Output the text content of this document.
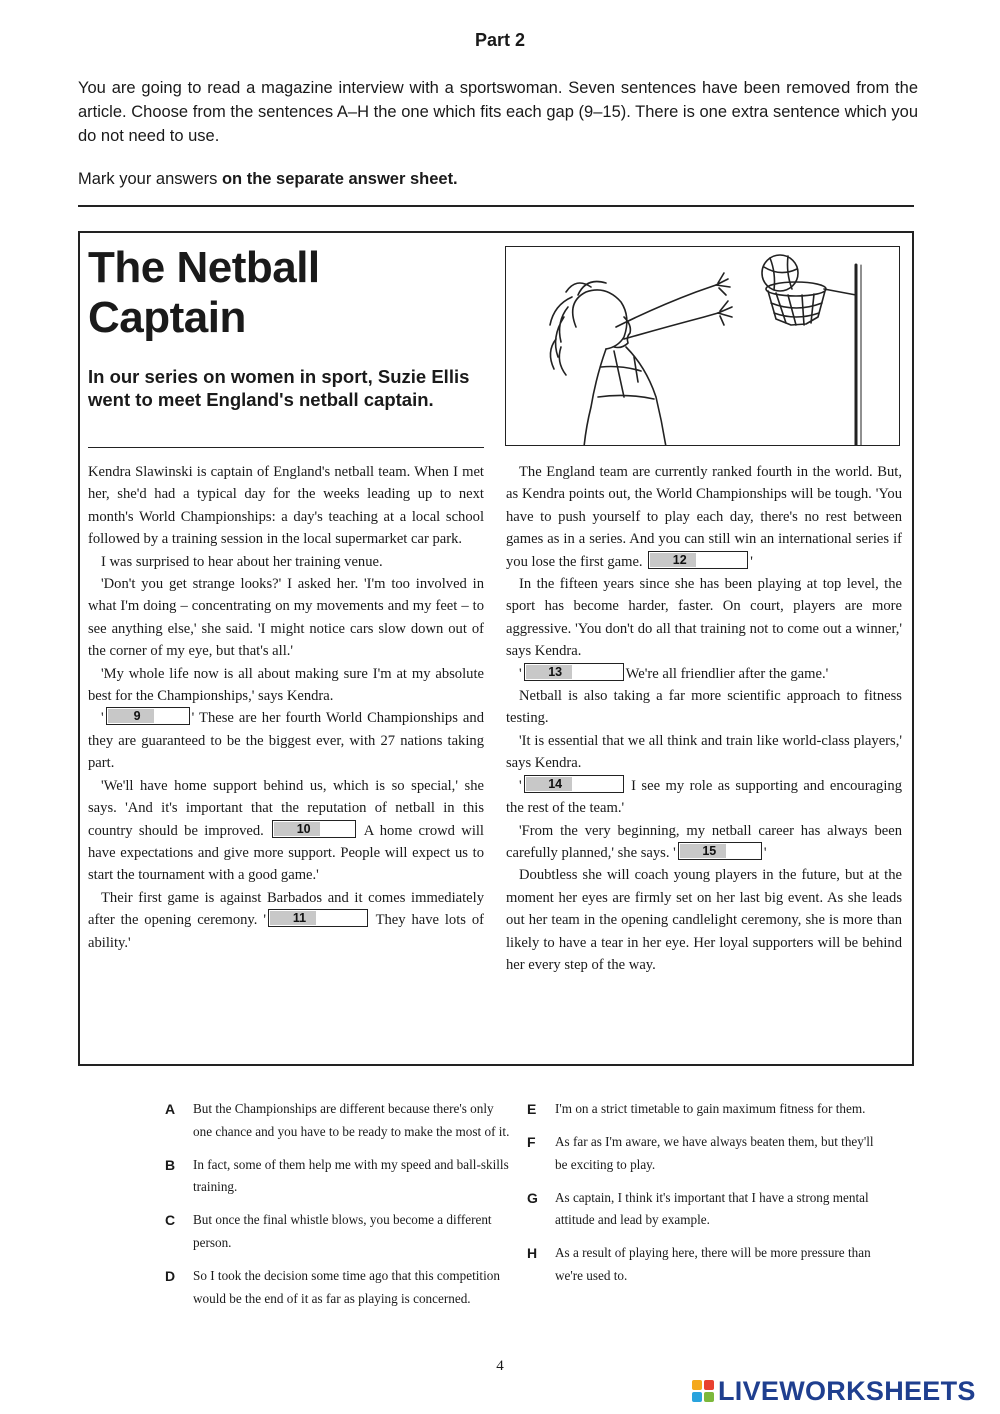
Part 2
You are going to read a magazine interview with a sportswoman. Seven sentences have been removed from the article. Choose from the sentences A–H the one which fits each gap (9–15). There is one extra sentence which you do not need to use.
Mark your answers on the separate answer sheet.
The Netball
Captain
In our series on women in sport, Suzie Ellis went to meet England's netball captain.

Kendra Slawinski is captain of England's netball team. When I met her, she'd had a typical day for the weeks leading up to next month's World Championships: a day's teaching at a local school followed by a training session in the local supermarket car park.

I was surprised to hear about her training venue.

'Don't you get strange looks?' I asked her. 'I'm too involved in what I'm doing – concentrating on my movements and my feet – to see anything else,' she said. 'I might notice cars slow down out of the corner of my eye, but that's all.'

'My whole life now is all about making sure I'm at my absolute best for the Championships,' says Kendra.

'	9	' These are her fourth World Championships and they are guaranteed to be the biggest ever, with 27 nations taking part.

'We'll have home support behind us, which is so special,' she says. 'And it's important that the reputation of netball in this country should be improved.	10	A home crowd will have expectations and give more support. People will expect us to start the tournament with a good game.'

Their first game is against Barbados and it comes immediately after the opening ceremony. '	11	They have lots of ability.'

The England team are currently ranked fourth in the world. But, as Kendra points out, the World Championships will be tough. 'You have to push yourself to play each day, there's no rest between games as in a series. And you can still win an international series if you lose the first game.	12	'

In the fifteen years since she has been playing at top level, the sport has become harder, faster. On court, players are more aggressive. 'You don't do all that training not to come out a winner,' says Kendra.

'	13	We're all friendlier after the game.'

Netball is also taking a far more scientific approach to fitness testing.

'It is essential that we all think and train like world-class players,' says Kendra.

'	14	I see my role as supporting and encouraging the rest of the team.'

'From the very beginning, my netball career has always been carefully planned,' she says. '	15	'

Doubtless she will coach young players in the future, but at the moment her eyes are firmly set on her last big event. As she leads out her team in the opening candlelight ceremony, she is more than likely to have a tear in her eye. Her loyal supporters will be behind her every step of the way.

A	But the Championships are different because there's only one chance and you have to be ready to make the most of it.
B	In fact, some of them help me with my speed and ball-skills training.
C	But once the final whistle blows, you become a different person.
D	So I took the decision some time ago that this competition would be the end of it as far as playing is concerned.
E	I'm on a strict timetable to gain maximum fitness for them.
F	As far as I'm aware, we have always beaten them, but they'll be exciting to play.
G	As captain, I think it's important that I have a strong mental attitude and lead by example.
H	As a result of playing here, there will be more pressure than we're used to.
4
LIVEWORKSHEETS
